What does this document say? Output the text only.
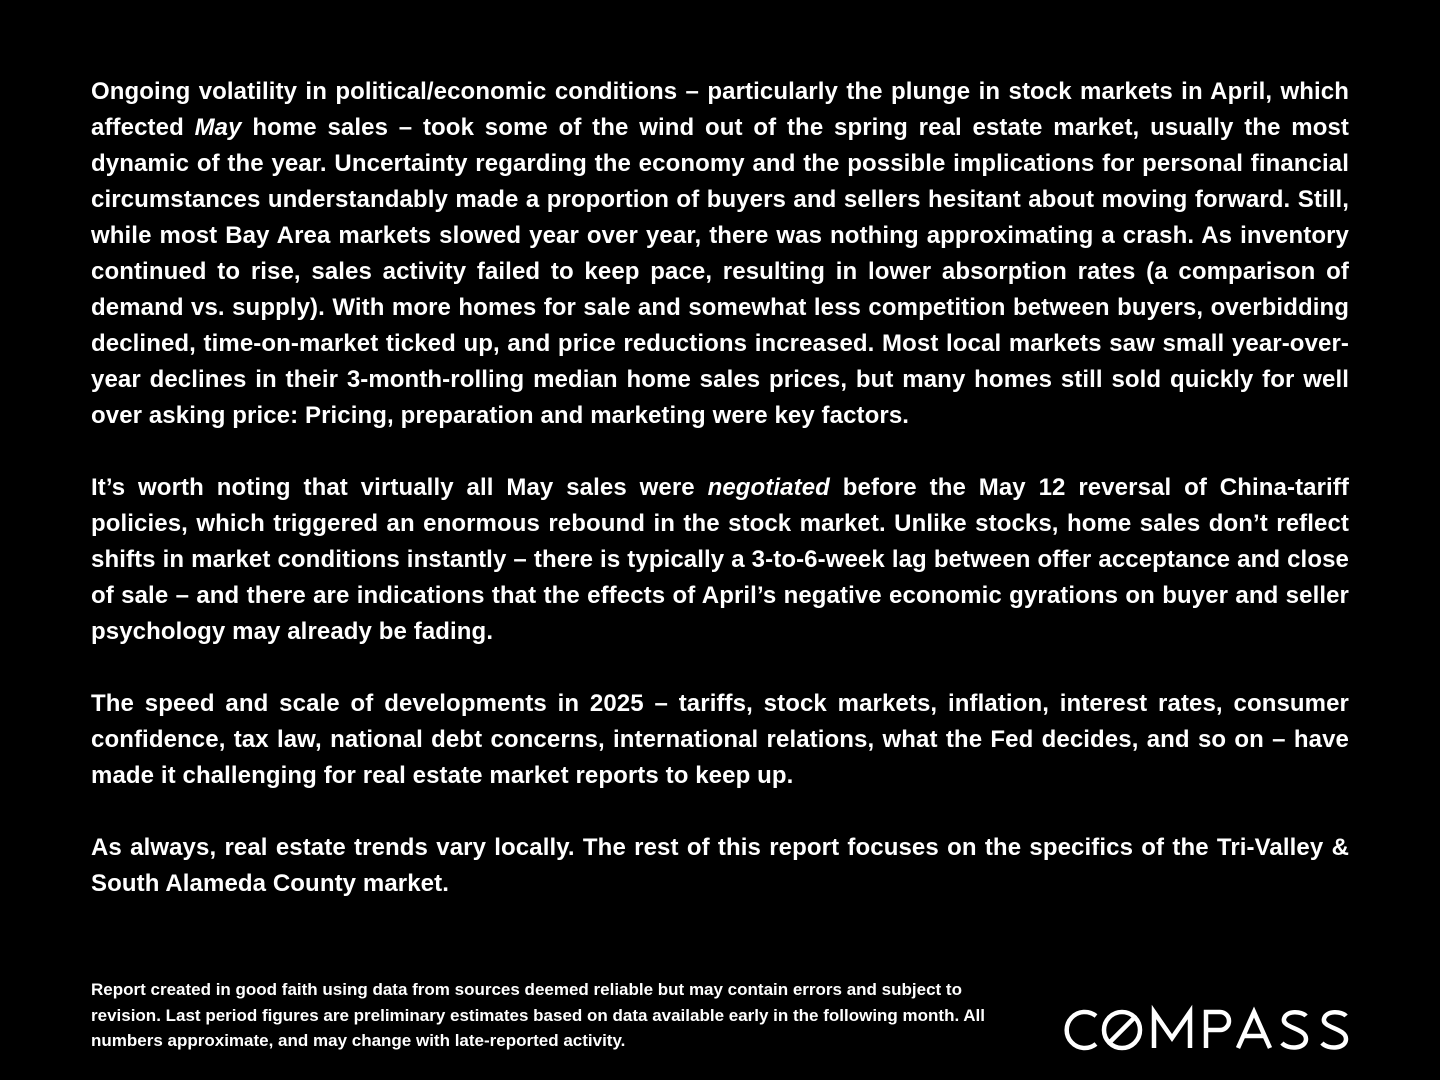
Ongoing volatility in political/economic conditions – particularly the plunge in stock markets in April, which affected May home sales – took some of the wind out of the spring real estate market, usually the most dynamic of the year. Uncertainty regarding the economy and the possible implications for personal financial circumstances understandably made a proportion of buyers and sellers hesitant about moving forward. Still, while most Bay Area markets slowed year over year, there was nothing approximating a crash. As inventory continued to rise, sales activity failed to keep pace, resulting in lower absorption rates (a comparison of demand vs. supply). With more homes for sale and somewhat less competition between buyers, overbidding declined, time-on-market ticked up, and price reductions increased. Most local markets saw small year-over-year declines in their 3-month-rolling median home sales prices, but many homes still sold quickly for well over asking price: Pricing, preparation and marketing were key factors.

It’s worth noting that virtually all May sales were negotiated before the May 12 reversal of China-tariff policies, which triggered an enormous rebound in the stock market. Unlike stocks, home sales don’t reflect shifts in market conditions instantly – there is typically a 3-to-6-week lag between offer acceptance and close of sale – and there are indications that the effects of April’s negative economic gyrations on buyer and seller psychology may already be fading.

The speed and scale of developments in 2025 – tariffs, stock markets, inflation, interest rates, consumer confidence, tax law, national debt concerns, international relations, what the Fed decides, and so on – have made it challenging for real estate market reports to keep up.

As always, real estate trends vary locally. The rest of this report focuses on the specifics of the Tri-Valley & South Alameda County market.

Report created in good faith using data from sources deemed reliable but may contain errors and subject to revision. Last period figures are preliminary estimates based on data available early in the following month. All numbers approximate, and may change with late-reported activity.
